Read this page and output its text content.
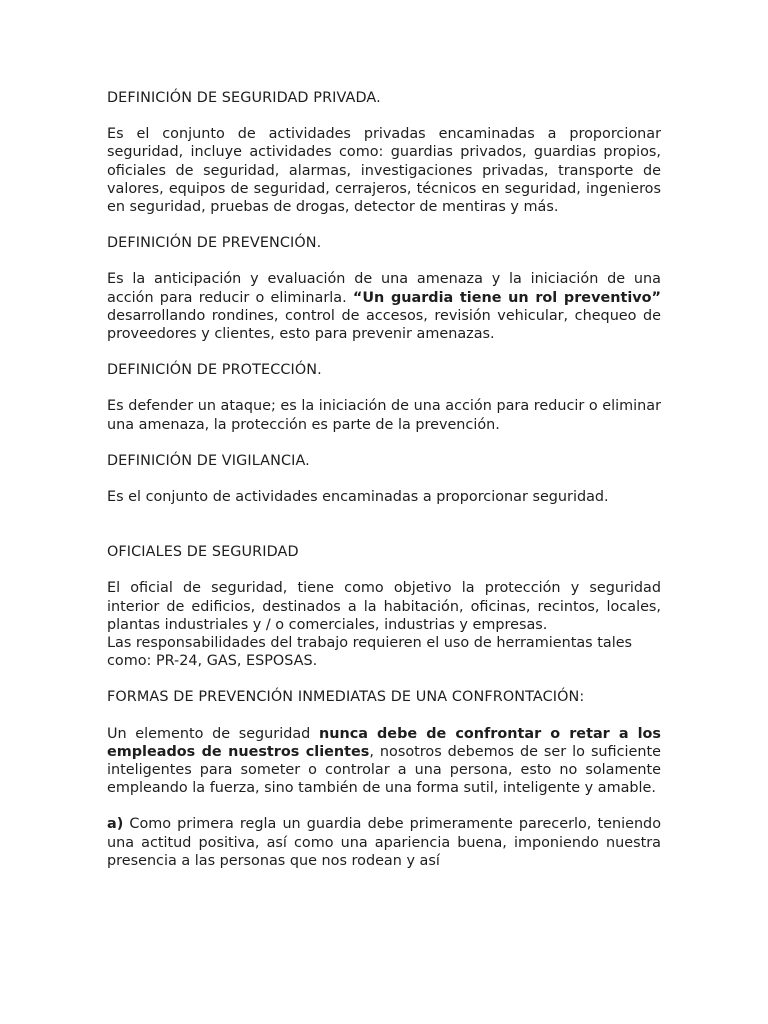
DEFINICIÓN DE SEGURIDAD PRIVADA.

Es el conjunto de actividades privadas encaminadas a proporcionar seguridad, incluye actividades como: guardias privados, guardias propios, oficiales de seguridad, alarmas, investigaciones privadas, transporte de valores, equipos de seguridad, cerrajeros, técnicos en seguridad, ingenieros en seguridad, pruebas de drogas, detector de mentiras y más.

DEFINICIÓN DE PREVENCIÓN.

Es la anticipación y evaluación de una amenaza y la iniciación de una acción para reducir o eliminarla. “Un guardia tiene un rol preventivo” desarrollando rondines, control de accesos, revisión vehicular, chequeo de proveedores y clientes, esto para prevenir amenazas.

DEFINICIÓN DE PROTECCIÓN.

Es defender un ataque; es la iniciación de una acción para reducir o eliminar una amenaza, la protección es parte de la prevención.

DEFINICIÓN DE VIGILANCIA.

Es el conjunto de actividades encaminadas a proporcionar seguridad.

OFICIALES DE SEGURIDAD

El oficial de seguridad, tiene como objetivo la protección y seguridad interior de edificios, destinados a la habitación, oficinas, recintos, locales, plantas industriales y / o comerciales, industrias y empresas.

Las responsabilidades del trabajo requieren el uso de herramientas tales como: PR-24, GAS, ESPOSAS.

FORMAS DE PREVENCIÓN INMEDIATAS DE UNA CONFRONTACIÓN:

Un elemento de seguridad nunca debe de confrontar o retar a los empleados de nuestros clientes, nosotros debemos de ser lo suficiente inteligentes para someter o controlar a una persona, esto no solamente empleando la fuerza, sino también de una forma sutil, inteligente y amable.

a) Como primera regla un guardia debe primeramente parecerlo, teniendo una actitud positiva, así como una apariencia buena, imponiendo nuestra presencia a las personas que nos rodean y así
